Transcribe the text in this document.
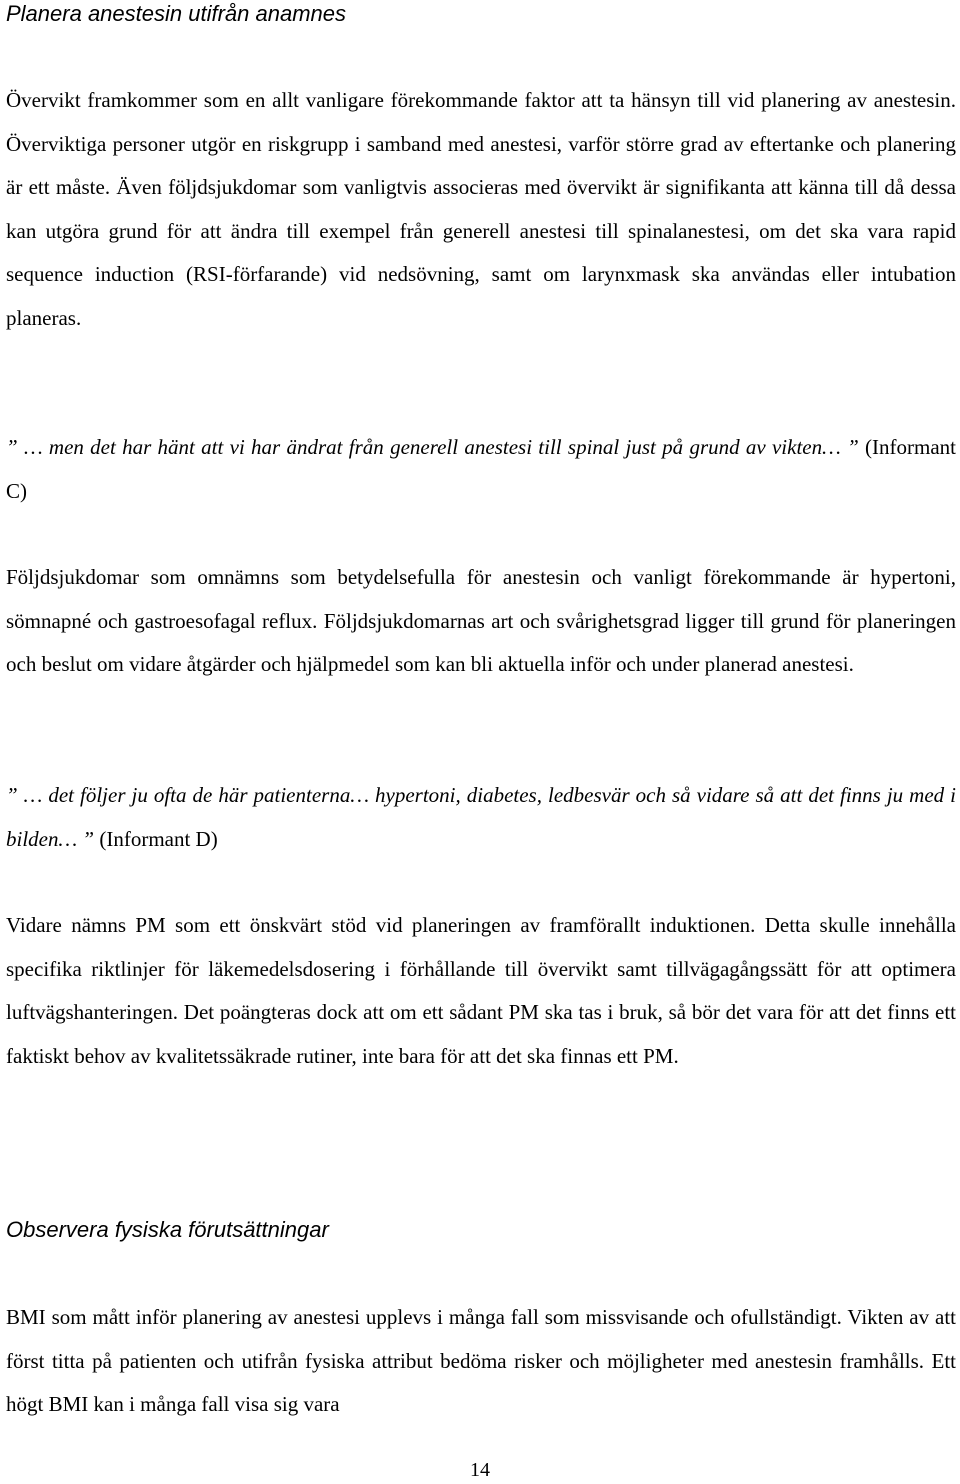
Planera anestesin utifrån anamnes

Övervikt framkommer som en allt vanligare förekommande faktor att ta hänsyn till vid planering av anestesin. Överviktiga personer utgör en riskgrupp i samband med anestesi, varför större grad av eftertanke och planering är ett måste. Även följdsjukdomar som vanligtvis associeras med övervikt är signifikanta att känna till då dessa kan utgöra grund för att ändra till exempel från generell anestesi till spinalanestesi, om det ska vara rapid sequence induction (RSI-förfarande) vid nedsövning, samt om larynxmask ska användas eller intubation planeras.

” … men det har hänt att vi har ändrat från generell anestesi till spinal just på grund av vikten… ” (Informant C)

Följdsjukdomar som omnämns som betydelsefulla för anestesin och vanligt förekommande är hypertoni, sömnapné och gastroesofagal reflux. Följdsjukdomarnas art och svårighetsgrad ligger till grund för planeringen och beslut om vidare åtgärder och hjälpmedel som kan bli aktuella inför och under planerad anestesi.

” … det följer ju ofta de här patienterna… hypertoni, diabetes, ledbesvär och så vidare så att det finns ju med i bilden… ” (Informant D)

Vidare nämns PM som ett önskvärt stöd vid planeringen av framförallt induktionen. Detta skulle innehålla specifika riktlinjer för läkemedelsdosering i förhållande till övervikt samt tillvägagångssätt för att optimera luftvägshanteringen. Det poängteras dock att om ett sådant PM ska tas i bruk, så bör det vara för att det finns ett faktiskt behov av kvalitetssäkrade rutiner, inte bara för att det ska finnas ett PM.

Observera fysiska förutsättningar

BMI som mått inför planering av anestesi upplevs i många fall som missvisande och ofullständigt. Vikten av att först titta på patienten och utifrån fysiska attribut bedöma risker och möjligheter med anestesin framhålls. Ett högt BMI kan i många fall visa sig vara

14
